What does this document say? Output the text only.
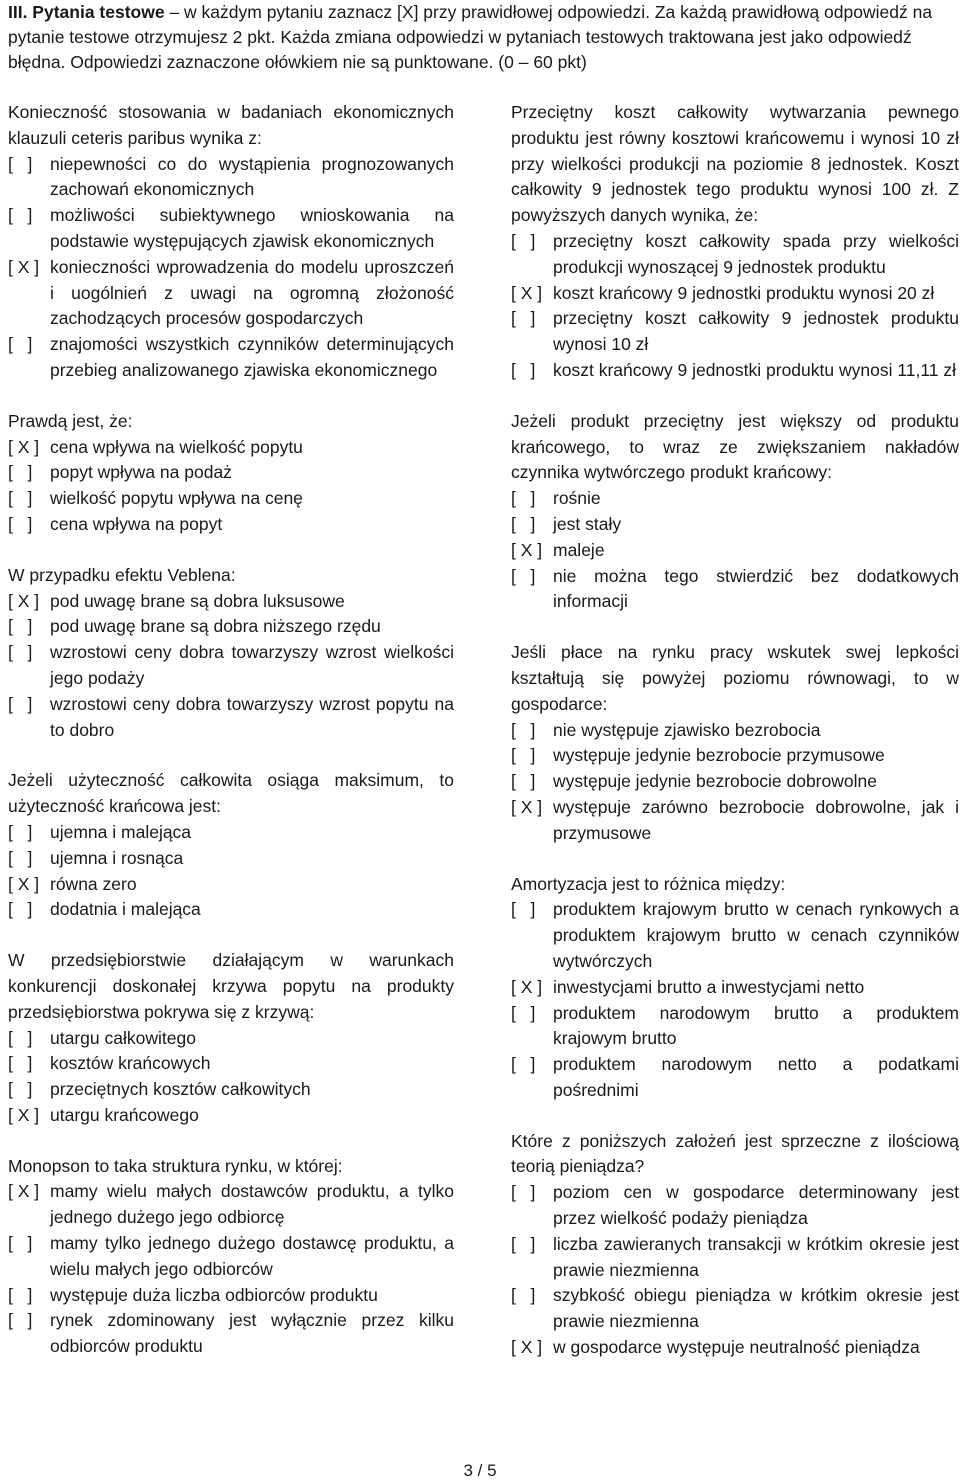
III. Pytania testowe – w każdym pytaniu zaznacz [X] przy prawidłowej odpowiedzi. Za każdą prawidłową odpowiedź na pytanie testowe otrzymujesz 2 pkt. Każda zmiana odpowiedzi w pytaniach testowych traktowana jest jako odpowiedź błędna. Odpowiedzi zaznaczone ołówkiem nie są punktowane. (0 – 60 pkt)
Konieczność stosowania w badaniach ekonomicznych klauzuli ceteris paribus wynika z:
[   ]	niepewności co do wystąpienia prognozowanych zachowań ekonomicznych
[   ]	możliwości subiektywnego wnioskowania na podstawie występujących zjawisk ekonomicznych
[ X ] konieczności wprowadzenia do modelu uproszczeń i uogólnień z uwagi na ogromną złożoność zachodzących procesów gospodarczych
[   ]	znajomości wszystkich czynników determinujących przebieg analizowanego zjawiska ekonomicznego
Prawdą jest, że:
[ X ] cena wpływa na wielkość popytu
[   ]	popyt wpływa na podaż
[   ]	wielkość popytu wpływa na cenę
[   ]	cena wpływa na popyt
W przypadku efektu Veblena:
[ X ] pod uwagę brane są dobra luksusowe
[   ]	pod uwagę brane są dobra niższego rzędu
[   ]	wzrostowi ceny dobra towarzyszy wzrost wielkości jego podaży
[   ]	wzrostowi ceny dobra towarzyszy wzrost popytu na to dobro
Jeżeli użyteczność całkowita osiąga maksimum, to użyteczność krańcowa jest:
[   ]	ujemna i malejąca
[   ]	ujemna i rosnąca
[ X ] równa zero
[   ]	dodatnia i malejąca
W przedsiębiorstwie działającym w warunkach konkurencji doskonałej krzywa popytu na produkty przedsiębiorstwa pokrywa się z krzywą:
[   ]	utargu całkowitego
[   ]	kosztów krańcowych
[   ]	przeciętnych kosztów całkowitych
[ X ] utargu krańcowego
Monopson to taka struktura rynku, w której:
[ X ] mamy wielu małych dostawców produktu, a tylko jednego dużego jego odbiorcę
[   ]	mamy tylko jednego dużego dostawcę produktu, a wielu małych jego odbiorców
[   ]	występuje duża liczba odbiorców produktu
[   ]	rynek zdominowany jest wyłącznie przez kilku odbiorców produktu
Przeciętny koszt całkowity wytwarzania pewnego produktu jest równy kosztowi krańcowemu i wynosi 10 zł przy wielkości produkcji na poziomie 8 jednostek. Koszt całkowity 9 jednostek tego produktu wynosi 100 zł. Z powyższych danych wynika, że:
[   ]	przeciętny koszt całkowity spada przy wielkości produkcji wynoszącej 9 jednostek produktu
[ X ] koszt krańcowy 9 jednostki produktu wynosi 20 zł
[   ]	przeciętny koszt całkowity 9 jednostek produktu wynosi 10 zł
[   ]	koszt krańcowy 9 jednostki produktu wynosi 11,11 zł
Jeżeli produkt przeciętny jest większy od produktu krańcowego, to wraz ze zwiększaniem nakładów czynnika wytwórczego produkt krańcowy:
[   ]	rośnie
[   ]	jest stały
[ X ] maleje
[   ]	nie można tego stwierdzić bez dodatkowych informacji
Jeśli płace na rynku pracy wskutek swej lepkości kształtują się powyżej poziomu równowagi, to w gospodarce:
[   ]	nie występuje zjawisko bezrobocia
[   ]	występuje jedynie bezrobocie przymusowe
[   ]	występuje jedynie bezrobocie dobrowolne
[ X ] występuje zarówno bezrobocie dobrowolne, jak i przymusowe
Amortyzacja jest to różnica między:
[   ]	produktem krajowym brutto w cenach rynkowych a produktem krajowym brutto w cenach czynników wytwórczych
[ X ] inwestycjami brutto a inwestycjami netto
[   ]	produktem narodowym brutto a produktem krajowym brutto
[   ]	produktem narodowym netto a podatkami pośrednimi
Które z poniższych założeń jest sprzeczne z ilościową teorią pieniądza?
[   ]	poziom cen w gospodarce determinowany jest przez wielkość podaży pieniądza
[   ]	liczba zawieranych transakcji w krótkim okresie jest prawie niezmienna
[   ]	szybkość obiegu pieniądza w krótkim okresie jest prawie niezmienna
[ X ] w gospodarce występuje neutralność pieniądza
3 / 5
